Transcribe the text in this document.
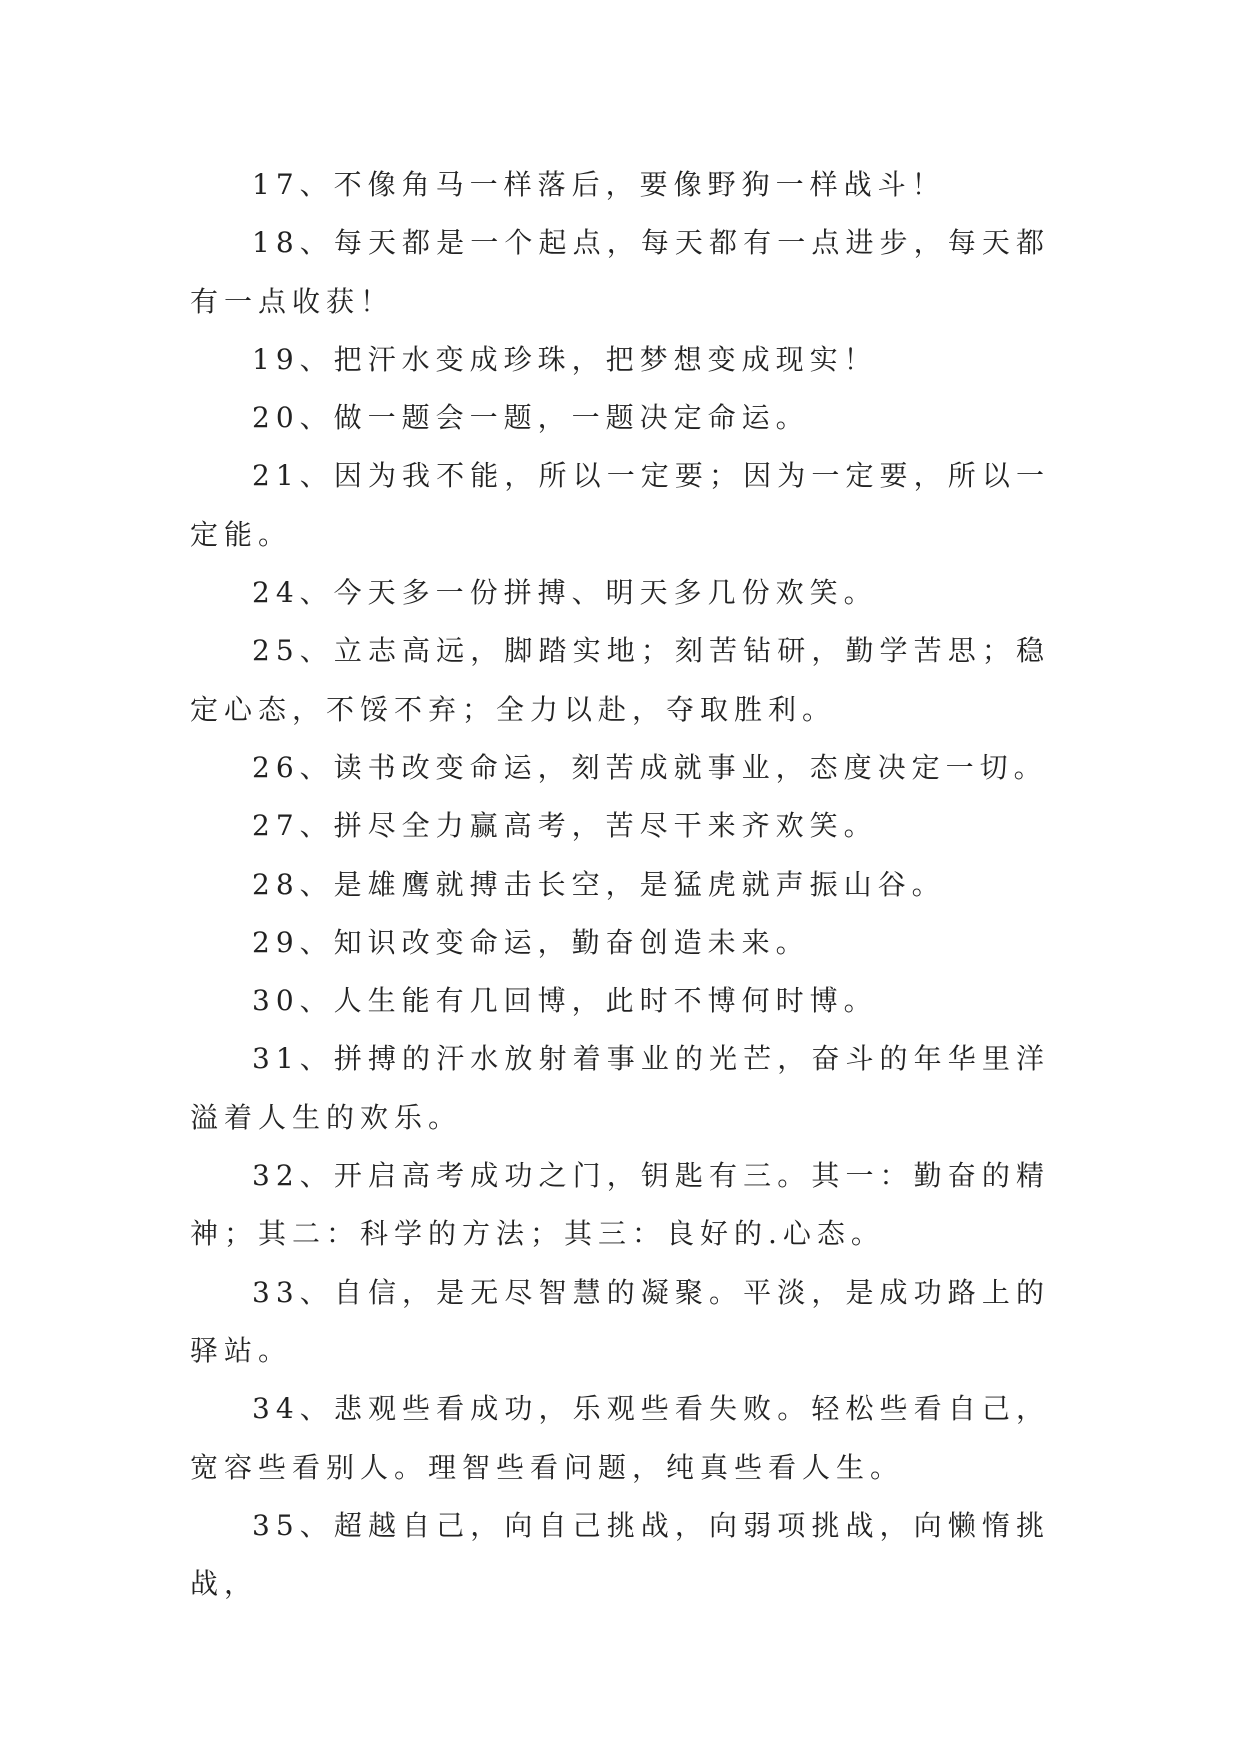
17、不像角马一样落后，要像野狗一样战斗！

18、每天都是一个起点，每天都有一点进步，每天都有一点收获！

19、把汗水变成珍珠，把梦想变成现实！

20、做一题会一题，一题决定命运。

21、因为我不能，所以一定要；因为一定要，所以一定能。

24、今天多一份拼搏、明天多几份欢笑。

25、立志高远，脚踏实地；刻苦钻研，勤学苦思；稳定心态，不馁不弃；全力以赴，夺取胜利。

26、读书改变命运，刻苦成就事业，态度决定一切。

27、拼尽全力赢高考，苦尽干来齐欢笑。

28、是雄鹰就搏击长空，是猛虎就声振山谷。

29、知识改变命运，勤奋创造未来。

30、人生能有几回博，此时不博何时博。

31、拼搏的汗水放射着事业的光芒，奋斗的年华里洋溢着人生的欢乐。

32、开启高考成功之门，钥匙有三。其一：勤奋的精神；其二：科学的方法；其三：良好的.心态。

33、自信，是无尽智慧的凝聚。平淡，是成功路上的驿站。

34、悲观些看成功，乐观些看失败。轻松些看自己，宽容些看别人。理智些看问题，纯真些看人生。

35、超越自己，向自己挑战，向弱项挑战，向懒惰挑战，
